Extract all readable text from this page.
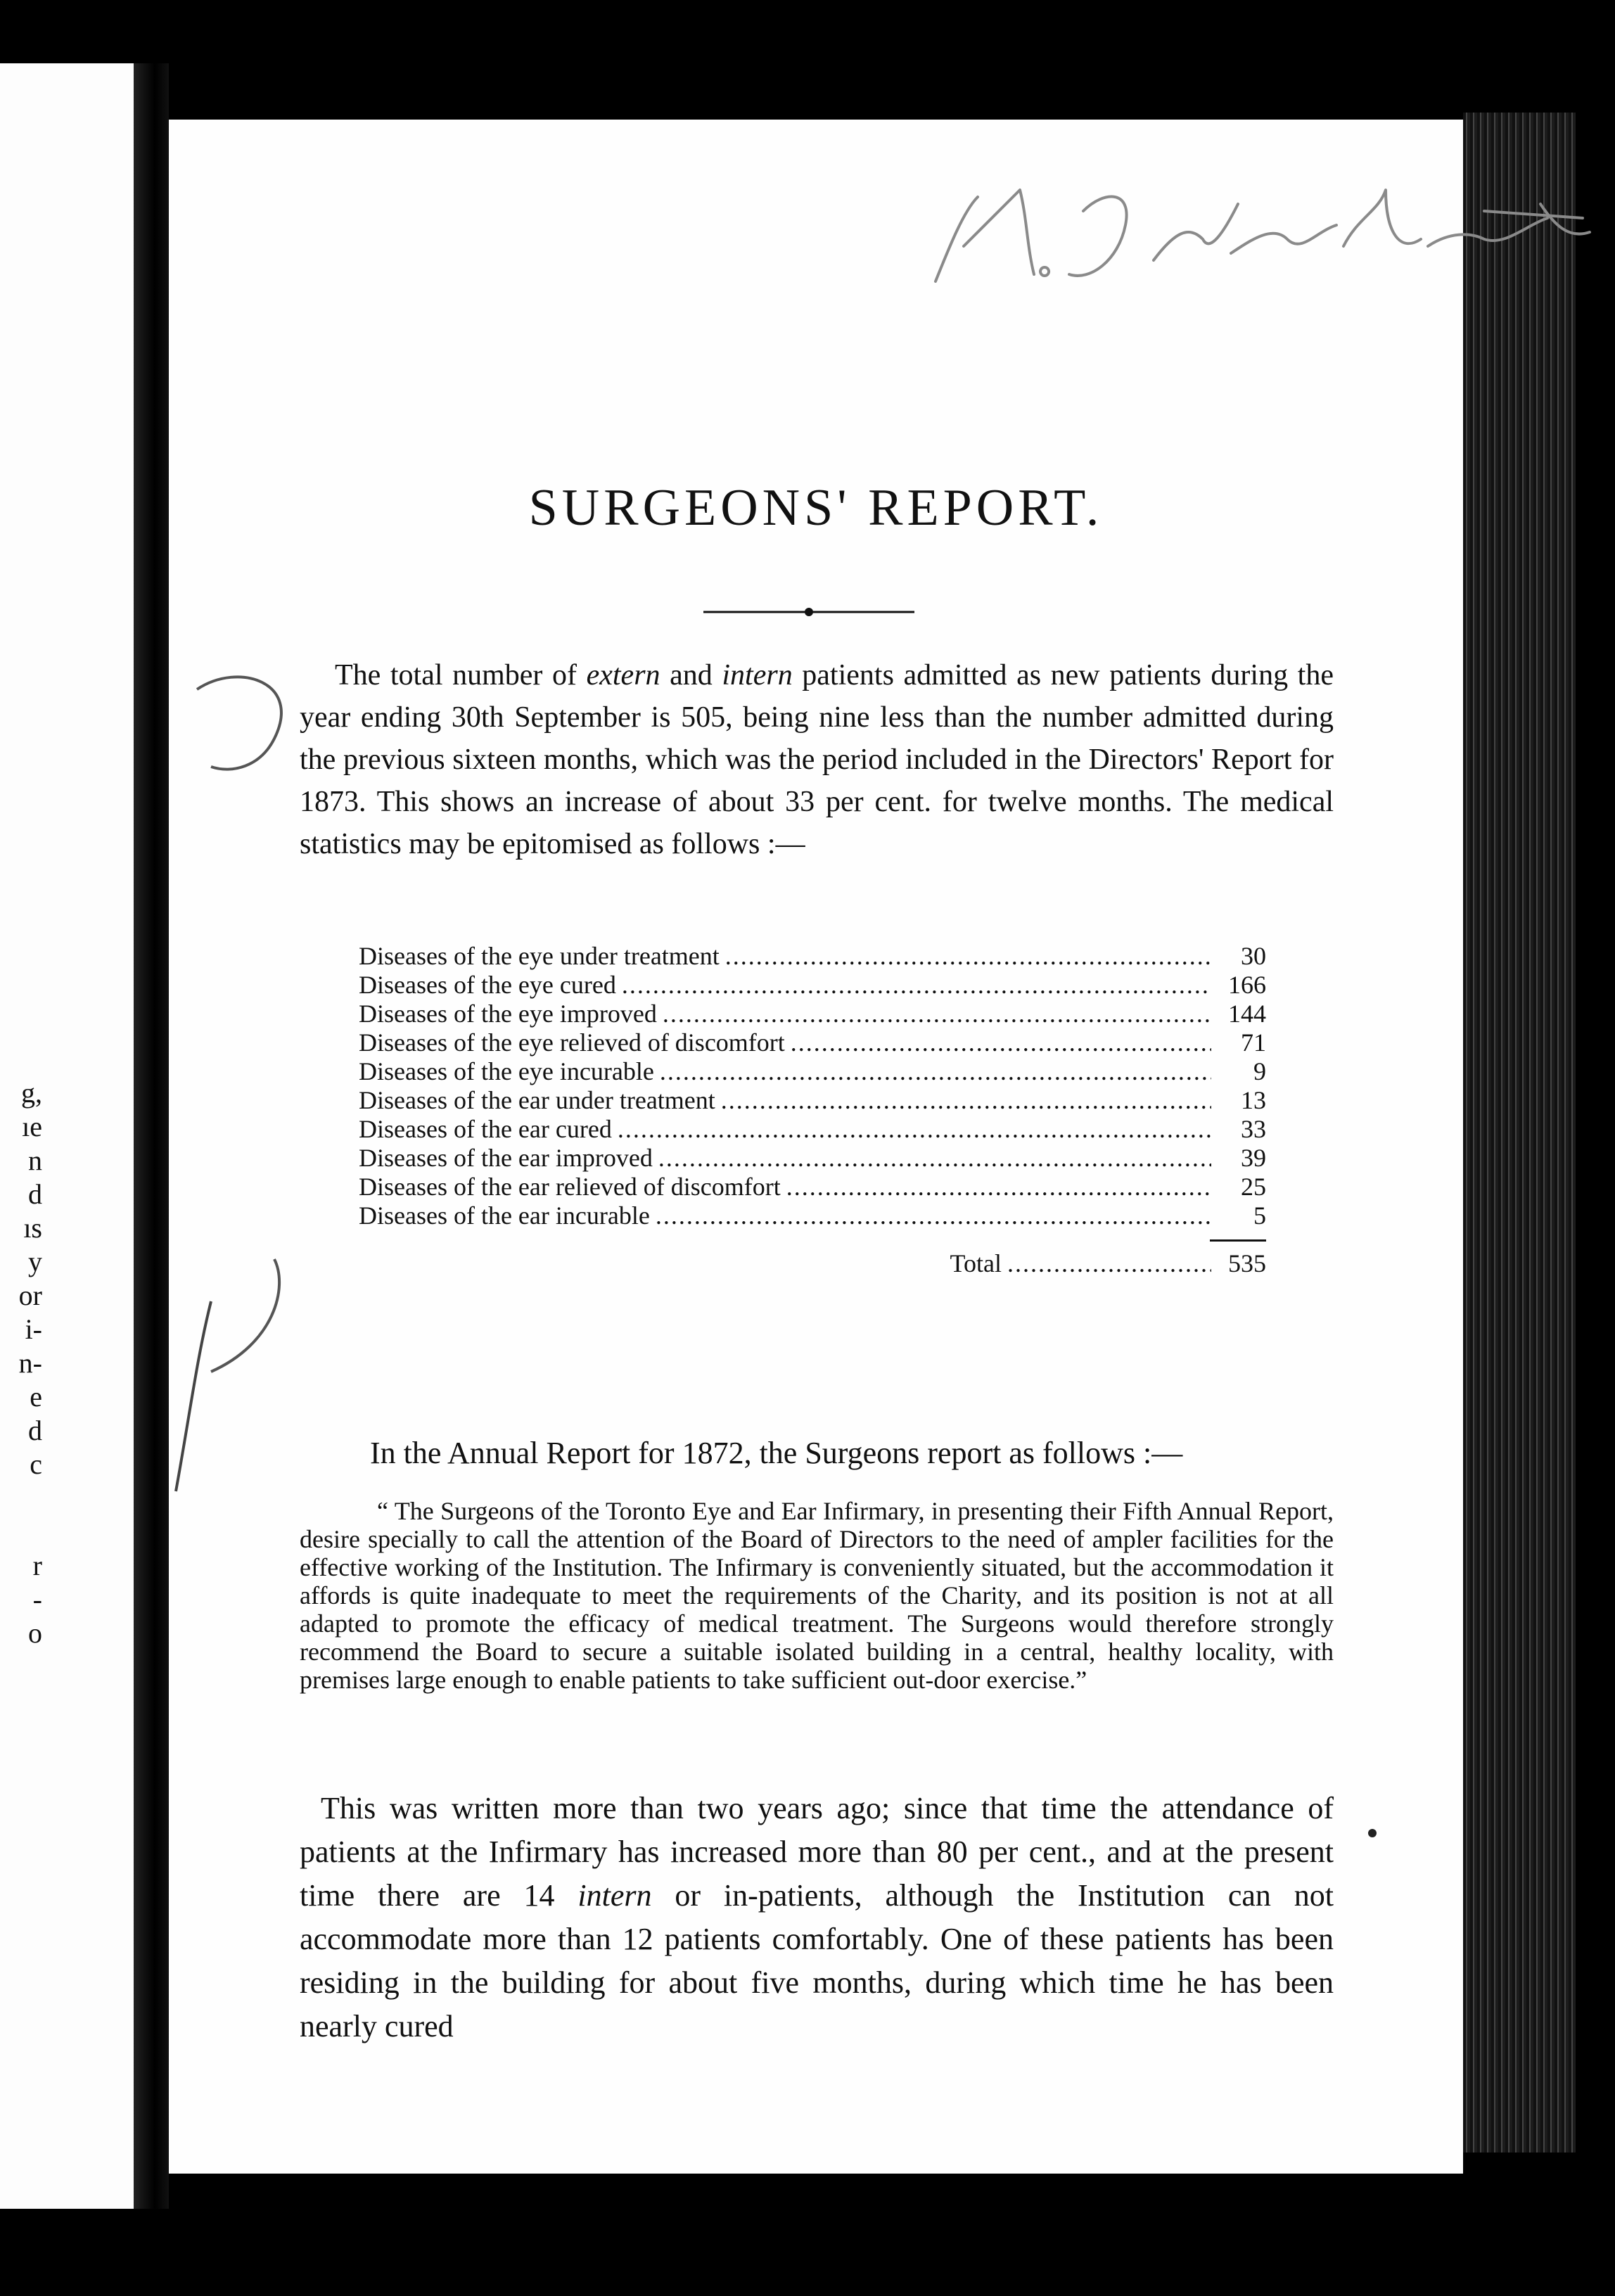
g,
ıe
n
d
ıs
y
or
i-
n-
e
d
c
r
-
o
SURGEONS' REPORT.

The total number of extern and intern patients admitted as new patients during the year ending 30th September is 505, being nine less than the number admitted during the previous sixteen months, which was the period included in the Directors' Report for 1873. This shows an increase of about 33 per cent. for twelve months. The medical statistics may be epitomised as follows :—

Diseases of the eye under treatment .....	30
Diseases of the eye cured .....	166
Diseases of the eye improved .....	144
Diseases of the eye relieved of discomfort .....	71
Diseases of the eye incurable .....	9
Diseases of the ear under treatment .....	13
Diseases of the ear cured .....	33
Diseases of the ear improved .....	39
Diseases of the ear relieved of discomfort .....	25
Diseases of the ear incurable .....	5
Total .....	535
In the Annual Report for 1872, the Surgeons report as follows :—

“ The Surgeons of the Toronto Eye and Ear Infirmary, in presenting their Fifth Annual Report, desire specially to call the attention of the Board of Directors to the need of ampler facilities for the effective working of the Institution. The Infirmary is conveniently situated, but the accommodation it affords is quite inadequate to meet the requirements of the Charity, and its position is not at all adapted to promote the efficacy of medical treatment. The Surgeons would therefore strongly recommend the Board to secure a suitable isolated building in a central, healthy locality, with premises large enough to enable patients to take sufficient out-door exercise.”

This was written more than two years ago; since that time the attendance of patients at the Infirmary has increased more than 80 per cent., and at the present time there are 14 intern or in-patients, although the Institution can not accommodate more than 12 patients comfortably. One of these patients has been residing in the building for about five months, during which time he has been nearly cured
